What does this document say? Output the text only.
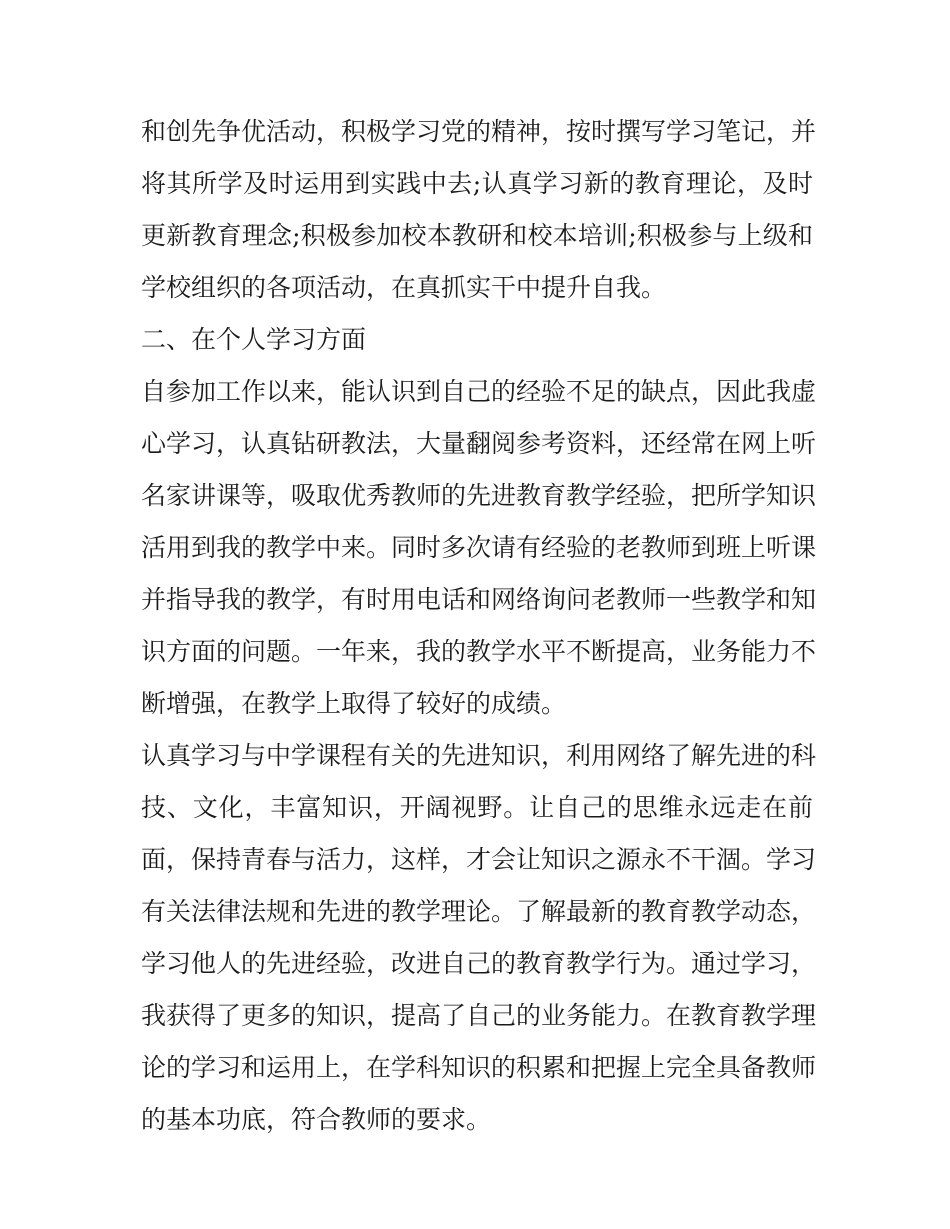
和创先争优活动，积极学习党的精神，按时撰写学习笔记，并
将其所学及时运用到实践中去;认真学习新的教育理论，及时
更新教育理念;积极参加校本教研和校本培训;积极参与上级和
学校组织的各项活动，在真抓实干中提升自我。
二、在个人学习方面
自参加工作以来，能认识到自己的经验不足的缺点，因此我虚
心学习，认真钻研教法，大量翻阅参考资料，还经常在网上听
名家讲课等，吸取优秀教师的先进教育教学经验，把所学知识
活用到我的教学中来。同时多次请有经验的老教师到班上听课
并指导我的教学，有时用电话和网络询问老教师一些教学和知
识方面的问题。一年来，我的教学水平不断提高，业务能力不
断增强，在教学上取得了较好的成绩。
认真学习与中学课程有关的先进知识，利用网络了解先进的科
技、文化，丰富知识，开阔视野。让自己的思维永远走在前
面，保持青春与活力，这样，才会让知识之源永不干涸。学习
有关法律法规和先进的教学理论。了解最新的教育教学动态，
学习他人的先进经验，改进自己的教育教学行为。通过学习，
我获得了更多的知识，提高了自己的业务能力。在教育教学理
论的学习和运用上，在学科知识的积累和把握上完全具备教师
的基本功底，符合教师的要求。
